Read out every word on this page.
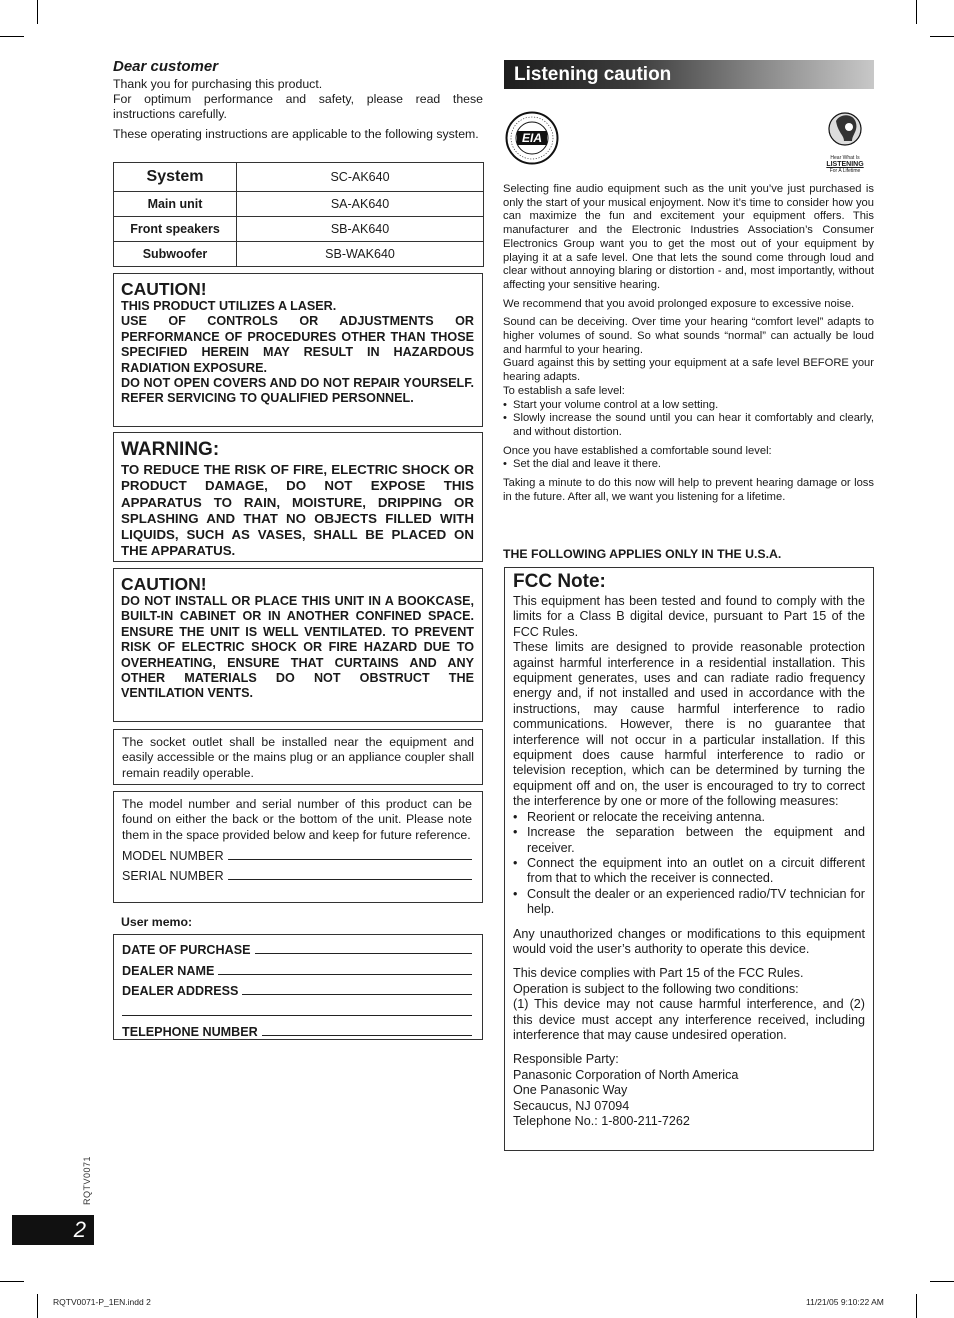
Dear customer

Thank you for purchasing this product.

For optimum performance and safety, please read these instructions carefully.

These operating instructions are applicable to the following system.

System	SC-AK640
Main unit	SA-AK640
Front speakers	SB-AK640
Subwoofer	SB-WAK640
CAUTION!

THIS PRODUCT UTILIZES A LASER.

USE OF CONTROLS OR ADJUSTMENTS OR PERFORMANCE OF PROCEDURES OTHER THAN THOSE SPECIFIED HEREIN MAY RESULT IN HAZARDOUS RADIATION EXPOSURE.

DO NOT OPEN COVERS AND DO NOT REPAIR YOURSELF. REFER SERVICING TO QUALIFIED PERSONNEL.

WARNING:
TO REDUCE THE RISK OF FIRE, ELECTRIC SHOCK OR PRODUCT DAMAGE, DO NOT EXPOSE THIS APPARATUS TO RAIN, MOISTURE, DRIPPING OR SPLASHING AND THAT NO OBJECTS FILLED WITH LIQUIDS, SUCH AS VASES, SHALL BE PLACED ON THE APPARATUS.
CAUTION!
DO NOT INSTALL OR PLACE THIS UNIT IN A BOOKCASE, BUILT-IN CABINET OR IN ANOTHER CONFINED SPACE. ENSURE THE UNIT IS WELL VENTILATED. TO PREVENT RISK OF ELECTRIC SHOCK OR FIRE HAZARD DUE TO OVERHEATING, ENSURE THAT CURTAINS AND ANY OTHER MATERIALS DO NOT OBSTRUCT THE VENTILATION VENTS.
The socket outlet shall be installed near the equipment and easily accessible or the mains plug or an appliance coupler shall remain readily operable.
The model number and serial number of this product can be found on either the back or the bottom of the unit. Please note them in the space provided below and keep for future reference.
MODEL NUMBER
SERIAL NUMBER
User memo:
DATE OF PURCHASE
DEALER NAME
DEALER ADDRESS
TELEPHONE NUMBER
Listening caution
EIA
Hear What Is
LISTENING
For A Lifetime

Selecting fine audio equipment such as the unit you’ve just purchased is only the start of your musical enjoyment. Now it’s time to consider how you can maximize the fun and excitement your equipment offers. This manufacturer and the Electronic Industries Association’s Consumer Electronics Group want you to get the most out of your equipment by playing it at a safe level. One that lets the sound come through loud and clear without annoying blaring or distortion - and, most importantly, without affecting your sensitive hearing.

We recommend that you avoid prolonged exposure to excessive noise.

Sound can be deceiving. Over time your hearing “comfort level” adapts to higher volumes of sound. So what sounds “normal” can actually be loud and harmful to your hearing.

Guard against this by setting your equipment at a safe level BEFORE your hearing adapts.

To establish a safe level:

• Start your volume control at a low setting.
• Slowly increase the sound until you can hear it comfortably and clearly, and without distortion.

Once you have established a comfortable sound level:

• Set the dial and leave it there.

Taking a minute to do this now will help to prevent hearing damage or loss in the future. After all, we want you listening for a lifetime.

THE FOLLOWING APPLIES ONLY IN THE U.S.A.
FCC Note:

This equipment has been tested and found to comply with the limits for a Class B digital device, pursuant to Part 15 of the FCC Rules.

These limits are designed to provide reasonable protection against harmful interference in a residential installation. This equipment generates, uses and can radiate radio frequency energy and, if not installed and used in accordance with the instructions, may cause harmful interference to radio communications. However, there is no guarantee that interference will not occur in a particular installation. If this equipment does cause harmful interference to radio or television reception, which can be determined by turning the equipment off and on, the user is encouraged to try to correct the interference by one or more of the following measures:

• Reorient or relocate the receiving antenna.
• Increase the separation between the equipment and receiver.
• Connect the equipment into an outlet on a circuit different from that to which the receiver is connected.
• Consult the dealer or an experienced radio/TV technician for help.

Any unauthorized changes or modifications to this equipment would void the user’s authority to operate this device.

This device complies with Part 15 of the FCC Rules.

Operation is subject to the following two conditions:

(1) This device may not cause harmful interference, and (2) this device must accept any interference received, including interference that may cause undesired operation.

Responsible Party:

Panasonic Corporation of North America

One Panasonic Way

Secaucus, NJ 07094

Telephone No.: 1-800-211-7262

RQTV0071
2
RQTV0071-P_1EN.indd 2	11/21/05 9:10:22 AM
